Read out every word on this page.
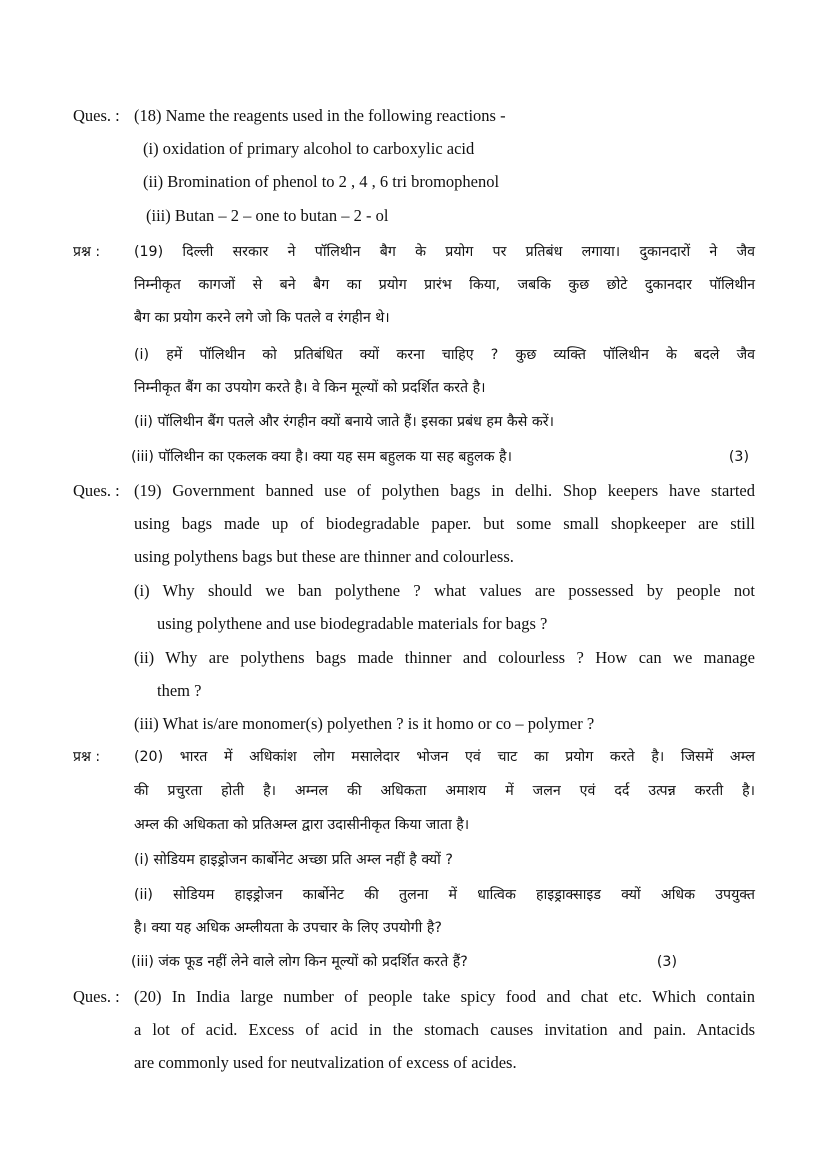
Ques. : (18) Name the reagents used in the following reactions -
(i) oxidation of primary alcohol to carboxylic acid
(ii) Bromination of phenol to 2 , 4 , 6 tri bromophenol
(iii) Butan – 2 – one to butan – 2 - ol
प्रश्न :	(19) दिल्ली सरकार ने पॉलिथीन बैग के प्रयोग पर प्रतिबंध लगाया। दुकानदारों ने जैव
निम्नीकृत कागजों से बने बैग का प्रयोग प्रारंभ किया, जबकि कुछ छोटे दुकानदार पॉलिथीन
बैग का प्रयोग करने लगे जो कि पतले व रंगहीन थे।
(i) हमें पॉलिथीन को प्रतिबंधित क्यों करना चाहिए ? कुछ व्यक्ति पॉलिथीन के बदले जैव
निम्नीकृत बैंग का उपयोग करते है। वे किन मूल्यों को प्रदर्शित करते है।
(ii) पॉलिथीन बैंग पतले और रंगहीन क्यों बनाये जाते हैं। इसका प्रबंध हम कैसे करें।
(iii) पॉलिथीन का एकलक क्या है। क्या यह सम बहुलक या सह बहुलक है।	(3)
Ques. : (19) Government banned use of polythen bags in delhi. Shop keepers have started
using bags made up of biodegradable paper. but some small shopkeeper are still
using polythens bags but these are thinner and colourless.
(i) Why should we ban polythene ? what values are possessed by people not
using polythene and use biodegradable materials for bags ?
(ii) Why are polythens bags made thinner and colourless ? How can we manage
them ?
(iii) What is/are monomer(s) polyethen ? is it homo or co – polymer ?
प्रश्न :	(20) भारत में अधिकांश लोग मसालेदार भोजन एवं चाट का प्रयोग करते है। जिसमें अम्ल
की प्रचुरता होती है। अम्नल की अधिकता अमाशय में जलन एवं दर्द उत्पन्न करती है।
अम्ल की अधिकता को प्रतिअम्ल द्वारा उदासीनीकृत किया जाता है।
(i) सोडियम हाइड्रोजन कार्बोनेट अच्छा प्रति अम्ल नहीं है क्यों ?
(ii) सोडियम हाइड्रोजन कार्बोनेट की तुलना में धात्विक हाइड्राक्साइड क्यों अधिक उपयुक्त
है। क्या यह अधिक अम्लीयता के उपचार के लिए उपयोगी है?
(iii) जंक फूड नहीं लेने वाले लोग किन मूल्यों को प्रदर्शित करते हैं?	(3)
Ques. : (20) In India large number of people take spicy food and chat etc. Which contain
a lot of acid. Excess of acid in the stomach causes invitation and pain. Antacids
are commonly used for neutvalization of excess of acides.
